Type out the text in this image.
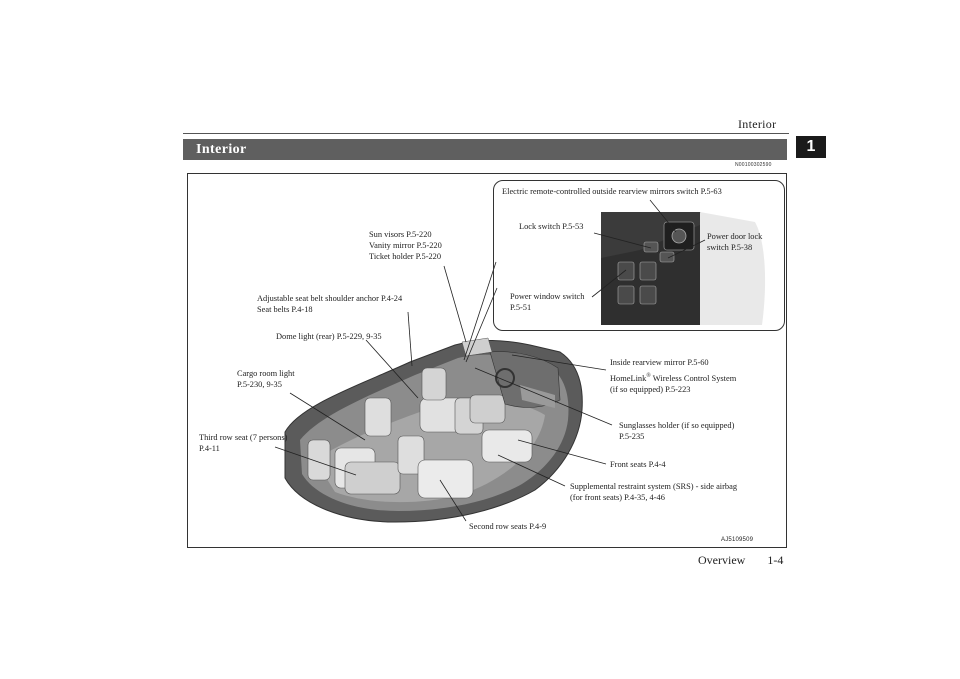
Interior
1
Interior
N00100302590
Electric remote-controlled outside rearview mirrors switch P.5-63
Lock switch P.5-53
Power door lock
switch P.5-38
Power window switch
P.5-51
Sun visors P.5-220
Vanity mirror P.5-220
Ticket holder P.5-220
Adjustable seat belt shoulder anchor P.4-24
Seat belts P.4-18
Dome light (rear) P.5-229, 9-35
Cargo room light
P.5-230, 9-35
Third row seat (7 persons)
P.4-11
Inside rearview mirror P.5-60
HomeLink® Wireless Control System
(if so equipped) P.5-223
Sunglasses holder (if so equipped)
P.5-235
Front seats P.4-4
Supplemental restraint system (SRS) - side airbag
(for front seats) P.4-35, 4-46
Second row seats P.4-9
AJ5109509
Overview 1-4
